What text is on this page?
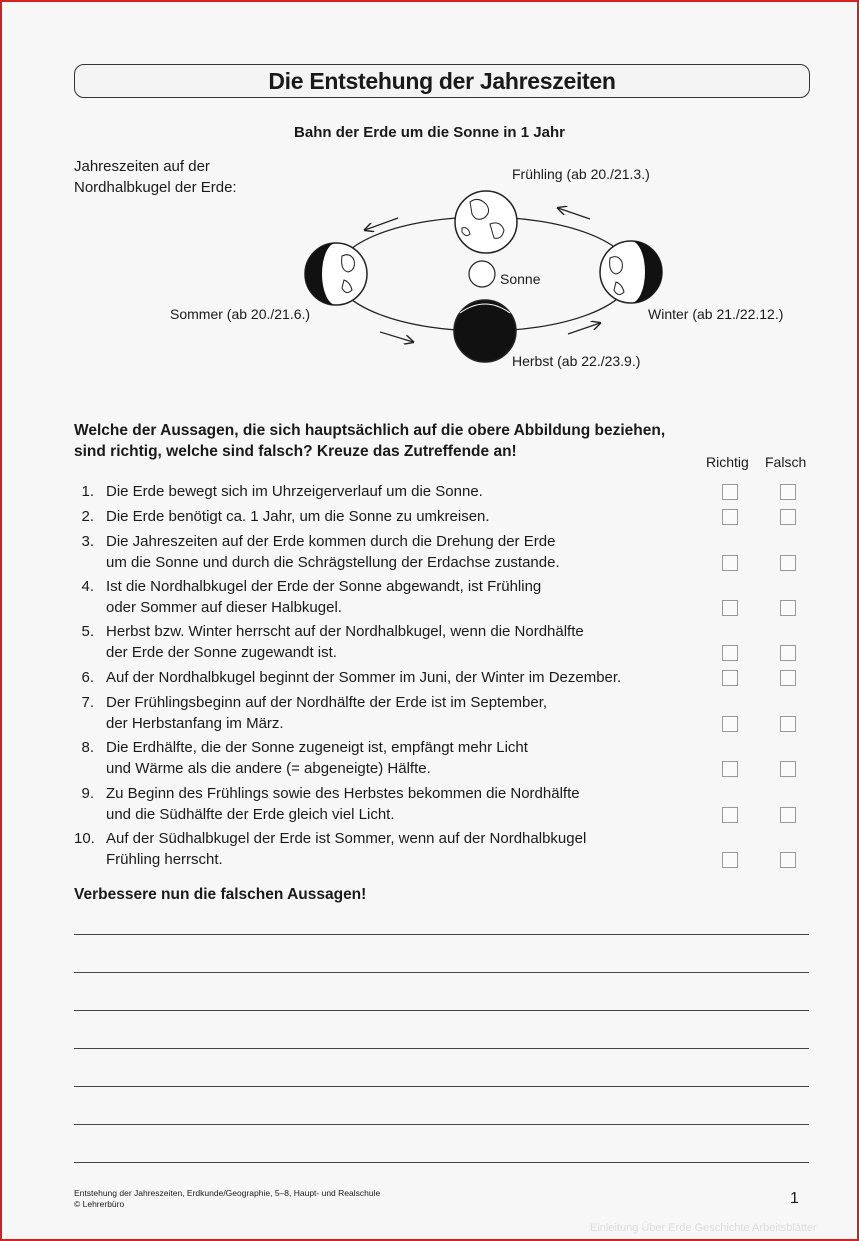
Die Entstehung der Jahreszeiten
Bahn der Erde um die Sonne in 1 Jahr
Jahreszeiten auf der
Nordhalbkugel der Erde:
Sonne
Frühling (ab 20./21.3.)
Sommer (ab 20./21.6.)	Winter (ab 21./22.12.)
Herbst (ab 22./23.9.)
Welche der Aussagen, die sich hauptsächlich auf die obere Abbildung beziehen,
sind richtig, welche sind falsch? Kreuze das Zutreffende an!
Richtig Falsch
1. Die Erde bewegt sich im Uhrzeigerverlauf um die Sonne.
2. Die Erde benötigt ca. 1 Jahr, um die Sonne zu umkreisen.
3. Die Jahreszeiten auf der Erde kommen durch die Drehung der Erde
um die Sonne und durch die Schrägstellung der Erdachse zustande.
4. Ist die Nordhalbkugel der Erde der Sonne abgewandt, ist Frühling
oder Sommer auf dieser Halbkugel.
5. Herbst bzw. Winter herrscht auf der Nordhalbkugel, wenn die Nordhälfte
der Erde der Sonne zugewandt ist.
6. Auf der Nordhalbkugel beginnt der Sommer im Juni, der Winter im Dezember.
7. Der Frühlingsbeginn auf der Nordhälfte der Erde ist im September,
der Herbstanfang im März.
8. Die Erdhälfte, die der Sonne zugeneigt ist, empfängt mehr Licht
und Wärme als die andere (= abgeneigte) Hälfte.
9. Zu Beginn des Frühlings sowie des Herbstes bekommen die Nordhälfte
und die Südhälfte der Erde gleich viel Licht.
10. Auf der Südhalbkugel der Erde ist Sommer, wenn auf der Nordhalbkugel
Frühling herrscht.
Verbessere nun die falschen Aussagen!
Entstehung der Jahreszeiten, Erdkunde/Geographie, 5–8, Haupt- und Realschule
© Lehrerbüro	1
Einleitung Über Erde Geschichte Arbeitsblätter
